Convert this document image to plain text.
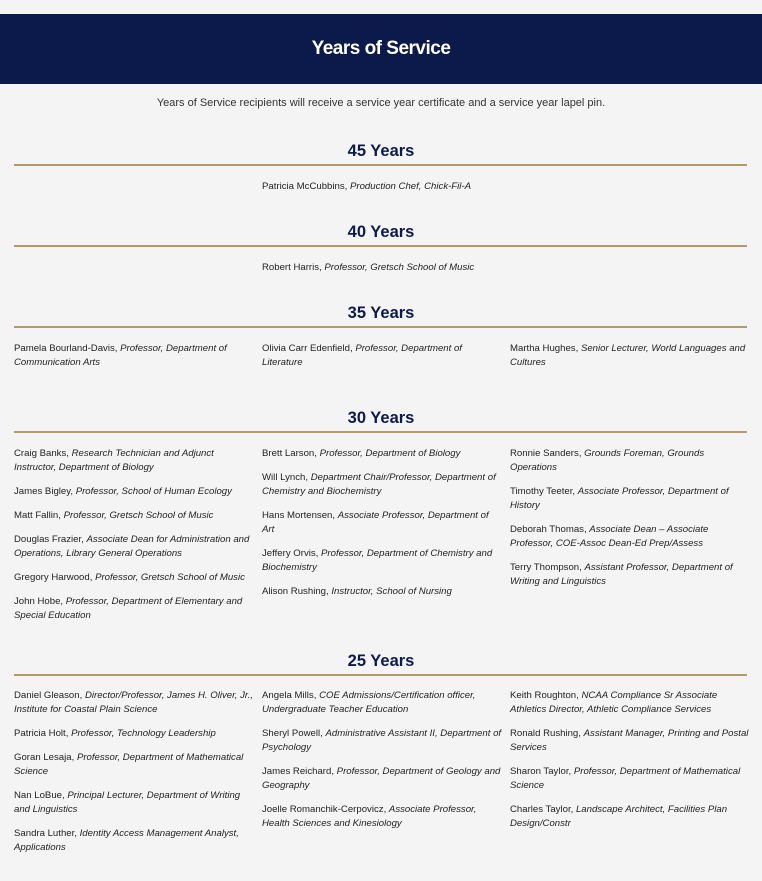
Years of Service
Years of Service recipients will receive a service year certificate and a service year lapel pin.
45 Years
Patricia McCubbins, Production Chef, Chick-Fil-A
40 Years
Robert Harris, Professor, Gretsch School of Music
35 Years
Pamela Bourland-Davis, Professor, Department of Communication Arts
Olivia Carr Edenfield, Professor, Department of Literature
Martha Hughes, Senior Lecturer, World Languages and Cultures
30 Years
Craig Banks, Research Technician and Adjunct Instructor, Department of Biology
James Bigley, Professor, School of Human Ecology
Matt Fallin, Professor, Gretsch School of Music
Douglas Frazier, Associate Dean for Administration and Operations, Library General Operations
Gregory Harwood, Professor, Gretsch School of Music
John Hobe, Professor, Department of Elementary and Special Education
Brett Larson, Professor, Department of Biology
Will Lynch, Department Chair/Professor, Department of Chemistry and Biochemistry
Hans Mortensen, Associate Professor, Department of Art
Jeffery Orvis, Professor, Department of Chemistry and Biochemistry
Alison Rushing, Instructor, School of Nursing
Ronnie Sanders, Grounds Foreman, Grounds Operations
Timothy Teeter, Associate Professor, Department of History
Deborah Thomas, Associate Dean – Associate Professor, COE-Assoc Dean-Ed Prep/Assess
Terry Thompson, Assistant Professor, Department of Writing and Linguistics
25 Years
Daniel Gleason, Director/Professor, James H. Oliver, Jr., Institute for Coastal Plain Science
Patricia Holt, Professor, Technology Leadership
Goran Lesaja, Professor, Department of Mathematical Science
Nan LoBue, Principal Lecturer, Department of Writing and Linguistics
Sandra Luther, Identity Access Management Analyst, Applications
Angela Mills, COE Admissions/Certification officer, Undergraduate Teacher Education
Sheryl Powell, Administrative Assistant II, Department of Psychology
James Reichard, Professor, Department of Geology and Geography
Joelle Romanchik-Cerpovicz, Associate Professor, Health Sciences and Kinesiology
Keith Roughton, NCAA Compliance Sr Associate Athletics Director, Athletic Compliance Services
Ronald Rushing, Assistant Manager, Printing and Postal Services
Sharon Taylor, Professor, Department of Mathematical Science
Charles Taylor, Landscape Architect, Facilities Plan Design/Constr
